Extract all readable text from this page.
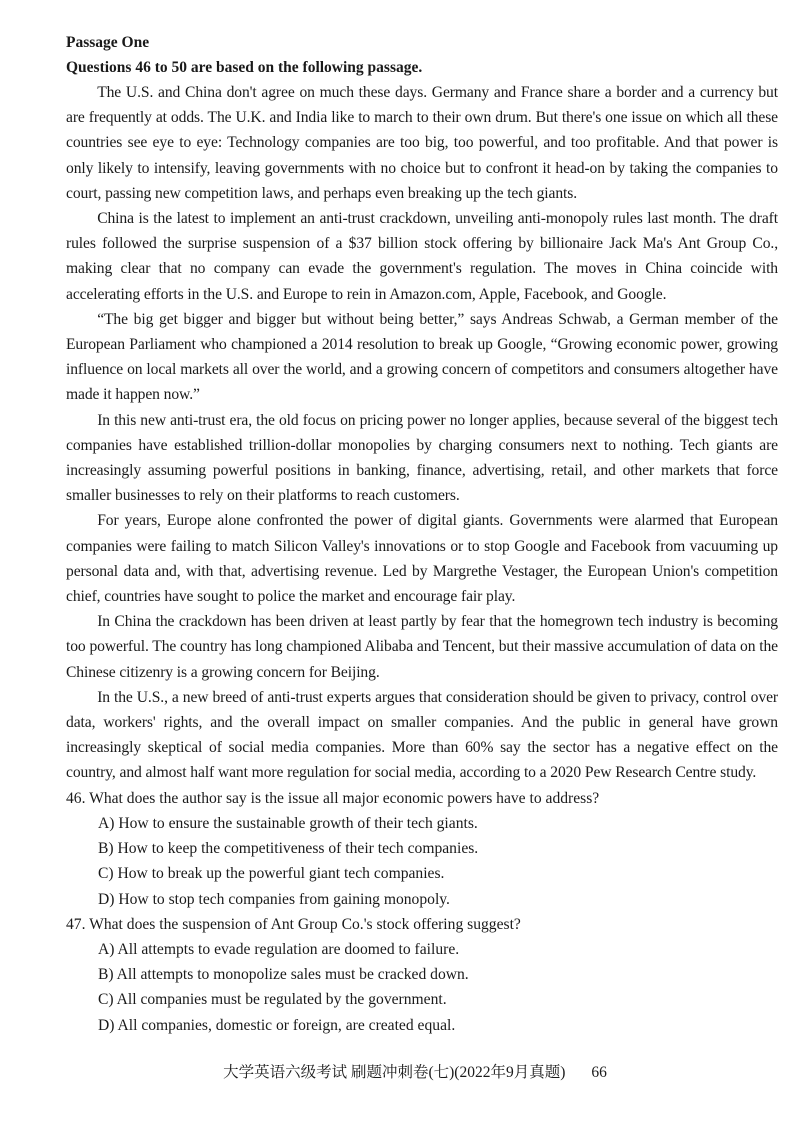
Passage One

Questions 46 to 50 are based on the following passage.

The U.S. and China don't agree on much these days. Germany and France share a border and a currency but are frequently at odds. The U.K. and India like to march to their own drum. But there's one issue on which all these countries see eye to eye: Technology companies are too big, too powerful, and too profitable. And that power is only likely to intensify, leaving governments with no choice but to confront it head-on by taking the companies to court, passing new competition laws, and perhaps even breaking up the tech giants.

China is the latest to implement an anti-trust crackdown, unveiling anti-monopoly rules last month. The draft rules followed the surprise suspension of a $37 billion stock offering by billionaire Jack Ma's Ant Group Co., making clear that no company can evade the government's regulation. The moves in China coincide with accelerating efforts in the U.S. and Europe to rein in Amazon.com, Apple, Facebook, and Google.

“The big get bigger and bigger but without being better,” says Andreas Schwab, a German member of the European Parliament who championed a 2014 resolution to break up Google, “Growing economic power, growing influence on local markets all over the world, and a growing concern of competitors and consumers altogether have made it happen now.”

In this new anti-trust era, the old focus on pricing power no longer applies, because several of the biggest tech companies have established trillion-dollar monopolies by charging consumers next to nothing. Tech giants are increasingly assuming powerful positions in banking, finance, advertising, retail, and other markets that force smaller businesses to rely on their platforms to reach customers.

For years, Europe alone confronted the power of digital giants. Governments were alarmed that European companies were failing to match Silicon Valley's innovations or to stop Google and Facebook from vacuuming up personal data and, with that, advertising revenue. Led by Margrethe Vestager, the European Union's competition chief, countries have sought to police the market and encourage fair play.

In China the crackdown has been driven at least partly by fear that the homegrown tech industry is becoming too powerful. The country has long championed Alibaba and Tencent, but their massive accumulation of data on the Chinese citizenry is a growing concern for Beijing.

In the U.S., a new breed of anti-trust experts argues that consideration should be given to privacy, control over data, workers' rights, and the overall impact on smaller companies. And the public in general have grown increasingly skeptical of social media companies. More than 60% say the sector has a negative effect on the country, and almost half want more regulation for social media, according to a 2020 Pew Research Centre study.

46. What does the author say is the issue all major economic powers have to address?

A) How to ensure the sustainable growth of their tech giants.

B) How to keep the competitiveness of their tech companies.

C) How to break up the powerful giant tech companies.

D) How to stop tech companies from gaining monopoly.

47. What does the suspension of Ant Group Co.'s stock offering suggest?

A) All attempts to evade regulation are doomed to failure.

B) All attempts to monopolize sales must be cracked down.

C) All companies must be regulated by the government.

D) All companies, domestic or foreign, are created equal.

大学英语六级考试 刷题冲刺卷(七)(2022年9月真题) 66
